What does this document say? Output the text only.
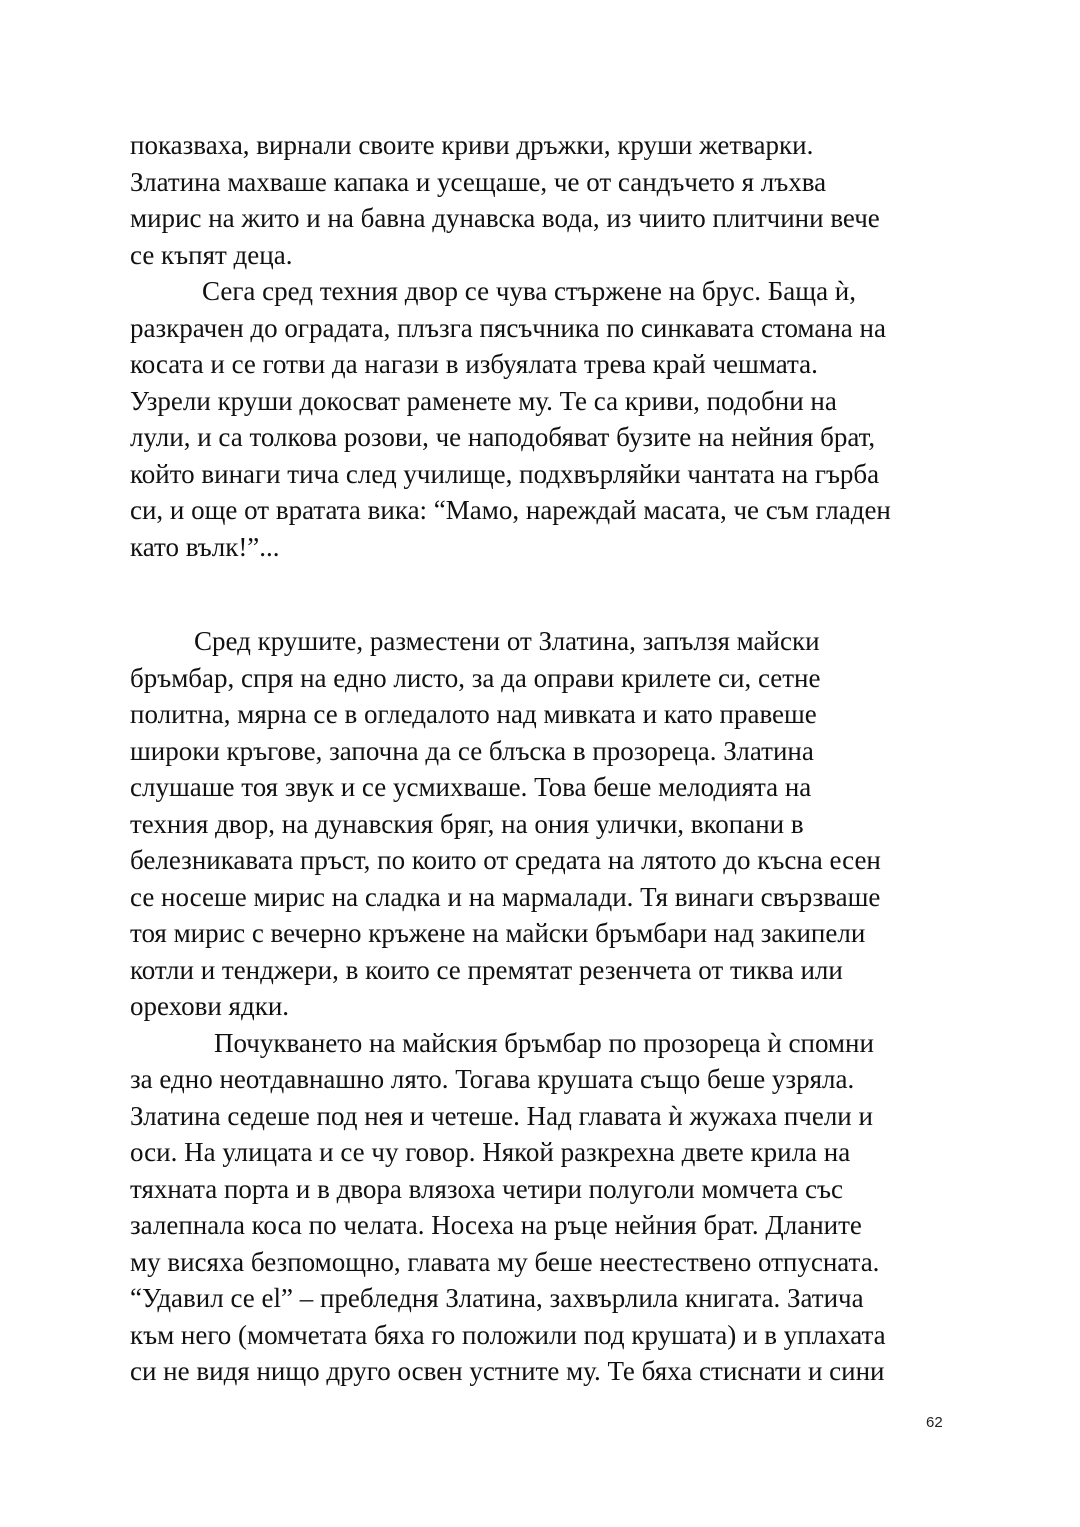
показваха, вирнали своите криви дръжки, круши жетварки.
Златина махваше капака и усещаше, че от сандъчето я лъхва
мирис на жито и на бавна дунавска вода, из чиито плитчини вече
се къпят деца.
Сега сред техния двор се чува стържене на брус. Баща ѝ,
разкрачен до оградата, плъзга пясъчника по синкавата стомана на
косата и се готви да нагази в избуялата трева край чешмата.
Узрели круши докосват раменете му. Те са криви, подобни на
лули, и са толкова розови, че наподобяват бузите на нейния брат,
който винаги тича след училище, подхвърляйки чантата на гърба
си, и още от вратата вика: “Мамо, нареждай масата, че съм гладен
като вълк!”...
Сред крушите, разместени от Златина, запълзя майски
бръмбар, спря на едно листо, за да оправи крилете си, сетне
политна, мярна се в огледалото над мивката и като правеше
широки кръгове, започна да се блъска в прозореца. Златина
слушаше тоя звук и се усмихваше. Това беше мелодията на
техния двор, на дунавския бряг, на ония улички, вкопани в
белезникавата пръст, по които от средата на лятото до късна есен
се носеше мирис на сладка и на мармалади. Тя винаги свързваше
тоя мирис с вечерно кръжене на майски бръмбари над закипели
котли и тенджери, в които се премятат резенчета от тиква или
орехови ядки.
Почукването на майския бръмбар по прозореца ѝ спомни
за едно неотдавнашно лято. Тогава крушата също беше узряла.
Златина седеше под нея и четеше. Над главата ѝ жужаха пчели и
оси. На улицата и се чу говор. Някой разкрехна двете крила на
тяхната порта и в двора влязоха четири полуголи момчета със
залепнала коса по челата. Носеха на ръце нейния брат. Дланите
му висяха безпомощно, главата му беше неестествено отпусната.
“Удавил се еl” – пребледня Златина, захвърлила книгата. Затича
към него (момчетата бяха го положили под крушата) и в уплахата
си не видя нищо друго освен устните му. Те бяха стиснати и сини
62
